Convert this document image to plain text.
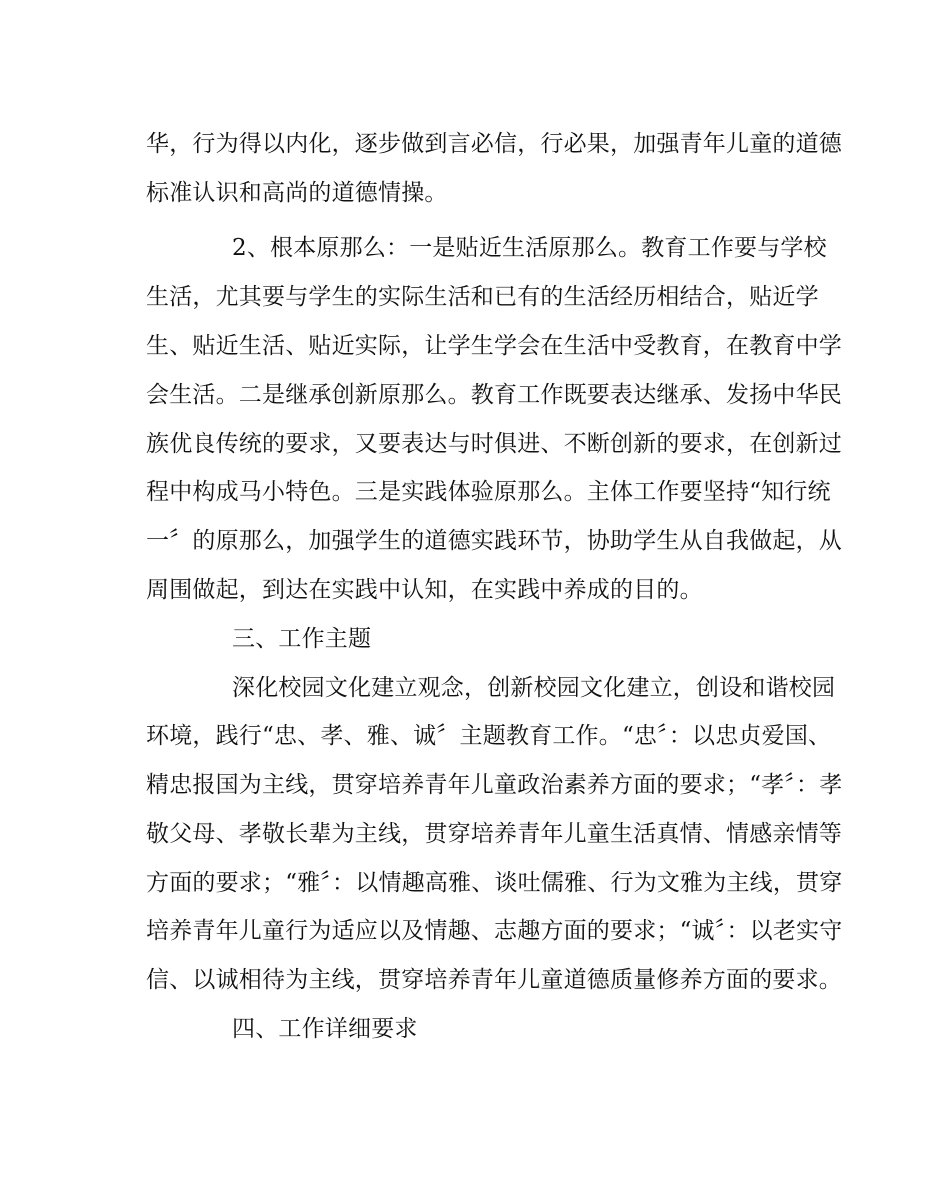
华，行为得以内化，逐步做到言必信，行必果，加强青年儿童的道德
标准认识和高尚的道德情操。
2、根本原那么：一是贴近生活原那么。教育工作要与学校
生活，尤其要与学生的实际生活和已有的生活经历相结合，贴近学
生、贴近生活、贴近实际，让学生学会在生活中受教育，在教育中学
会生活。二是继承创新原那么。教育工作既要表达继承、发扬中华民
族优良传统的要求，又要表达与时俱进、不断创新的要求，在创新过
程中构成马小特色。三是实践体验原那么。主体工作要坚持“知行统
一〞的原那么，加强学生的道德实践环节，协助学生从自我做起，从
周围做起，到达在实践中认知，在实践中养成的目的。
三、工作主题
深化校园文化建立观念，创新校园文化建立，创设和谐校园
环境，践行“忠、孝、雅、诚〞主题教育工作。“忠〞：以忠贞爱国、
精忠报国为主线，贯穿培养青年儿童政治素养方面的要求；“孝〞：孝
敬父母、孝敬长辈为主线，贯穿培养青年儿童生活真情、情感亲情等
方面的要求；“雅〞：以情趣高雅、谈吐儒雅、行为文雅为主线，贯穿
培养青年儿童行为适应以及情趣、志趣方面的要求；“诚〞：以老实守
信、以诚相待为主线，贯穿培养青年儿童道德质量修养方面的要求。
四、工作详细要求
